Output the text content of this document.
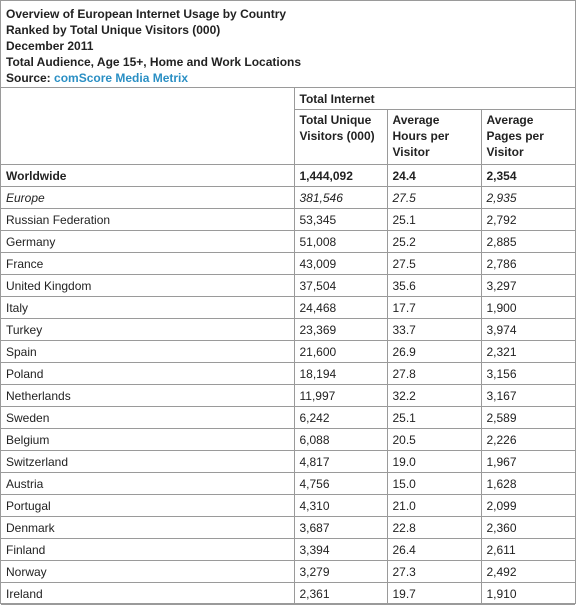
Overview of European Internet Usage by Country
Ranked by Total Unique Visitors (000)
December 2011
Total Audience, Age 15+, Home and Work Locations
Source: comScore Media Metrix
	Total Internet		
	Total Unique Visitors (000)	Average Hours per Visitor	Average Pages per Visitor
Worldwide	1,444,092	24.4	2,354
Europe	381,546	27.5	2,935
Russian Federation	53,345	25.1	2,792
Germany	51,008	25.2	2,885
France	43,009	27.5	2,786
United Kingdom	37,504	35.6	3,297
Italy	24,468	17.7	1,900
Turkey	23,369	33.7	3,974
Spain	21,600	26.9	2,321
Poland	18,194	27.8	3,156
Netherlands	11,997	32.2	3,167
Sweden	6,242	25.1	2,589
Belgium	6,088	20.5	2,226
Switzerland	4,817	19.0	1,967
Austria	4,756	15.0	1,628
Portugal	4,310	21.0	2,099
Denmark	3,687	22.8	2,360
Finland	3,394	26.4	2,611
Norway	3,279	27.3	2,492
Ireland	2,361	19.7	1,910
